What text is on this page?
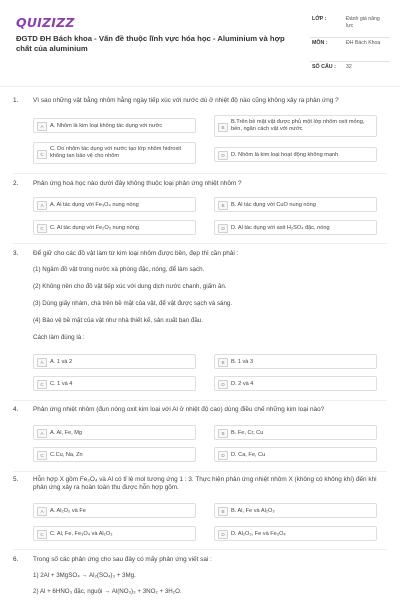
QUIZIZZ
ĐGTD ĐH Bách khoa - Vấn đề thuộc lĩnh vực hóa học - Aluminium và hợp chất của aluminium
LỚP :	Đánh giá năng lực
MÔN :	ĐH Bách Khoa
SỐ CÂU : 32
1. Vì sao những vật bằng nhôm hằng ngày tiếp xúc với nước dù ở nhiệt độ nào cũng không xảy ra phản ứng ?
A	A. Nhôm là kim loại không tác dụng với nước	B
B.Trên bề mặt vật được phủ một lớp nhôm oxit mỏng, bền, ngăn cách vật với nước
C
C. Do nhôm tác dụng với nước tạo lớp nhôm hidroxit không tan bảo vệ cho nhôm	D	D. Nhôm là kim loại hoạt động không mạnh
2. Phản ứng hoá học nào dưới đây không thuộc loại phản ứng nhiệt nhôm ?
A	A. Al tác dụng với Fe₃O₄ nung nóng	B	B. Al tác dụng với CuO nung nóng
C	C. Al tác dụng với Fe₂O₃ nung nóng	D	D. Al tác dụng với axit H₂SO₄ đặc, nóng
3. Để giữ cho các đồ vật làm từ kim loại nhôm được bền, đẹp thì cần phải :
(1) Ngâm đồ vật trong nước xà phòng đặc, nóng, để làm sạch.
(2) Không nên cho đồ vật tiếp xúc với dung dịch nước chanh, giấm ăn.
(3) Dùng giấy nhám, chà trên bề mặt của vật, để vật được sạch và sáng.
(4) Bảo vệ bề mặt của vật như nhà thiết kế, sản xuất ban đầu.
Cách làm đúng là :
A	A. 1 và 2	B	B. 1 và 3
C	C. 1 và 4	D	D. 2 và 4
4. Phản ứng nhiệt nhôm (đun nóng oxit kim loại với Al ở nhiệt độ cao) dùng điều chế những kim loại nào?
A	A. Al, Fe, Mg	B	B. Fe, Cr, Cu
C	C.Cu, Na, Zn	D	D. Ca, Fe, Cu
5. Hỗn hợp X gồm Fe₃O₄ và Al có tỉ lệ mol tương ứng 1 : 3. Thực hiện phản ứng nhiệt nhôm X (không có không khí) đến khi phản ứng xảy ra hoàn toàn thu được hỗn hợp gồm.
A	A. Al₂O₃ và Fe	B	B. Al, Fe và Al₂O₃
C	C. Al, Fe, Fe₃O₄ và Al₂O₃	D	D. Al₂O₃, Fe và Fe₃O₄
6. Trong số các phản ứng cho sau đây có mấy phản ứng viết sai :
1) 2Al + 3MgSO₄ → Al₂(SO₄)₃ + 3Mg.
2) Al + 6HNO₃ đặc, nguội → Al(NO₃)₃ + 3NO₂ + 3H₂O.
